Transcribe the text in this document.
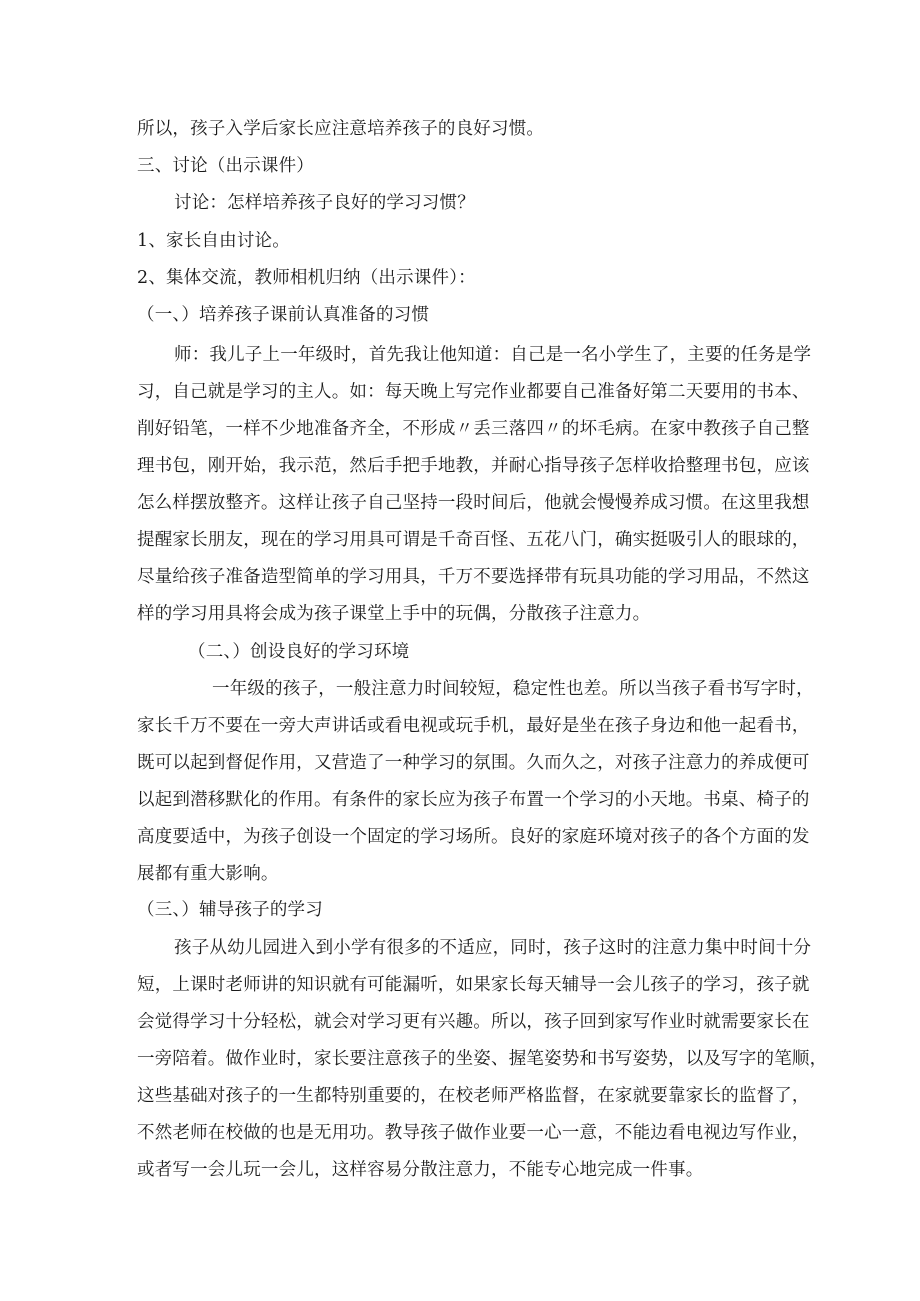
所以，孩子入学后家长应注意培养孩子的良好习惯。
三、讨论（出示课件）
讨论：怎样培养孩子良好的学习习惯？
1、家长自由讨论。
2、集体交流，教师相机归纳（出示课件）：
（一、）培养孩子课前认真准备的习惯
师：我儿子上一年级时，首先我让他知道：自己是一名小学生了，主要的任务是学
习，自己就是学习的主人。如：每天晚上写完作业都要自己准备好第二天要用的书本、
削好铅笔，一样不少地准备齐全，不形成〃丢三落四〃的坏毛病。在家中教孩子自己整
理书包，刚开始，我示范，然后手把手地教，并耐心指导孩子怎样收拾整理书包，应该
怎么样摆放整齐。这样让孩子自己坚持一段时间后，他就会慢慢养成习惯。在这里我想
提醒家长朋友，现在的学习用具可谓是千奇百怪、五花八门，确实挺吸引人的眼球的，
尽量给孩子准备造型简单的学习用具，千万不要选择带有玩具功能的学习用品，不然这
样的学习用具将会成为孩子课堂上手中的玩偶，分散孩子注意力。
（二、）创设良好的学习环境
一年级的孩子，一般注意力时间较短，稳定性也差。所以当孩子看书写字时，
家长千万不要在一旁大声讲话或看电视或玩手机，最好是坐在孩子身边和他一起看书，
既可以起到督促作用，又营造了一种学习的氛围。久而久之，对孩子注意力的养成便可
以起到潜移默化的作用。有条件的家长应为孩子布置一个学习的小天地。书桌、椅子的
高度要适中，为孩子创设一个固定的学习场所。良好的家庭环境对孩子的各个方面的发
展都有重大影响。
（三、）辅导孩子的学习
孩子从幼儿园进入到小学有很多的不适应，同时，孩子这时的注意力集中时间十分
短，上课时老师讲的知识就有可能漏听，如果家长每天辅导一会儿孩子的学习，孩子就
会觉得学习十分轻松，就会对学习更有兴趣。所以，孩子回到家写作业时就需要家长在
一旁陪着。做作业时，家长要注意孩子的坐姿、握笔姿势和书写姿势，以及写字的笔顺，
这些基础对孩子的一生都特别重要的，在校老师严格监督，在家就要靠家长的监督了，
不然老师在校做的也是无用功。教导孩子做作业要一心一意，不能边看电视边写作业，
或者写一会儿玩一会儿，这样容易分散注意力，不能专心地完成一件事。
